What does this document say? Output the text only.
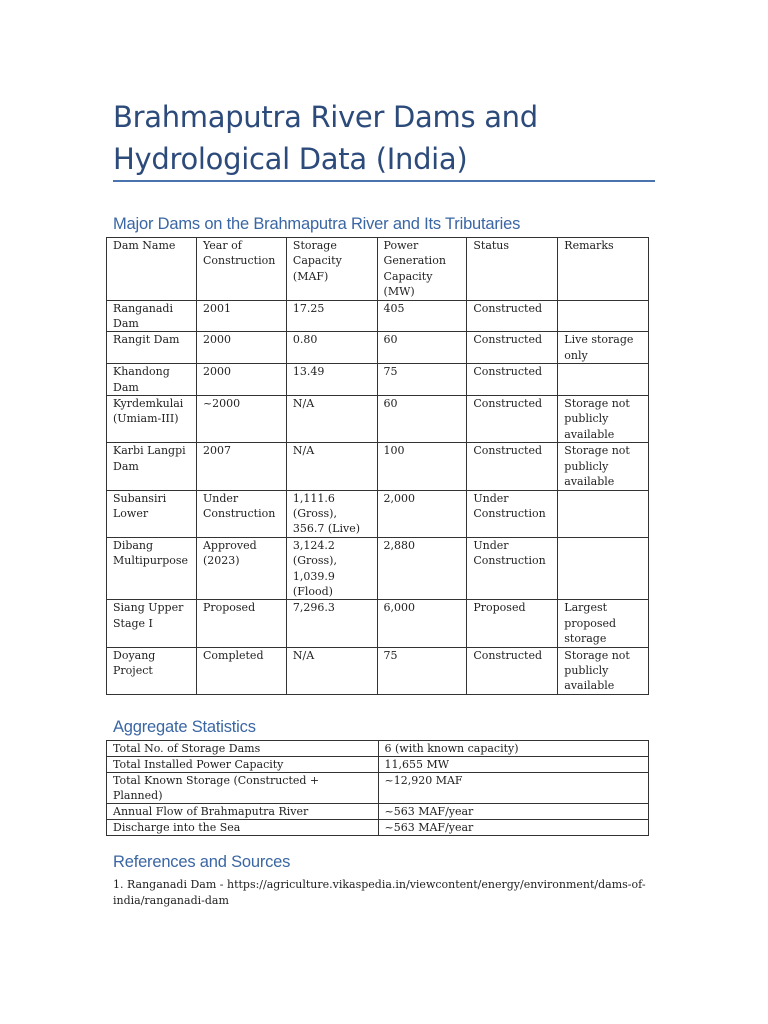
Brahmaputra River Dams and Hydrological Data (India)
Major Dams on the Brahmaputra River and Its Tributaries
Dam Name	Year of Construction	Storage Capacity (MAF)	Power Generation Capacity (MW)	Status	Remarks
Ranganadi Dam	2001	17.25	405	Constructed	
Rangit Dam	2000	0.80	60	Constructed	Live storage only
Khandong Dam	2000	13.49	75	Constructed	
Kyrdemkulai (Umiam-III)	~2000	N/A	60	Constructed	Storage not publicly available
Karbi Langpi Dam	2007	N/A	100	Constructed	Storage not publicly available
Subansiri Lower	Under Construction	1,111.6 (Gross), 356.7 (Live)	2,000	Under Construction	
Dibang Multipurpose	Approved (2023)	3,124.2 (Gross), 1,039.9 (Flood)	2,880	Under Construction	
Siang Upper Stage I	Proposed	7,296.3	6,000	Proposed	Largest proposed storage
Doyang Project	Completed	N/A	75	Constructed	Storage not publicly available
Aggregate Statistics
Total No. of Storage Dams	6 (with known capacity)
Total Installed Power Capacity	11,655 MW
Total Known Storage (Constructed + Planned)	~12,920 MAF
Annual Flow of Brahmaputra River	~563 MAF/year
Discharge into the Sea	~563 MAF/year
References and Sources

1. Ranganadi Dam - https://agriculture.vikaspedia.in/viewcontent/energy/environment/dams-of-india/ranganadi-dam
